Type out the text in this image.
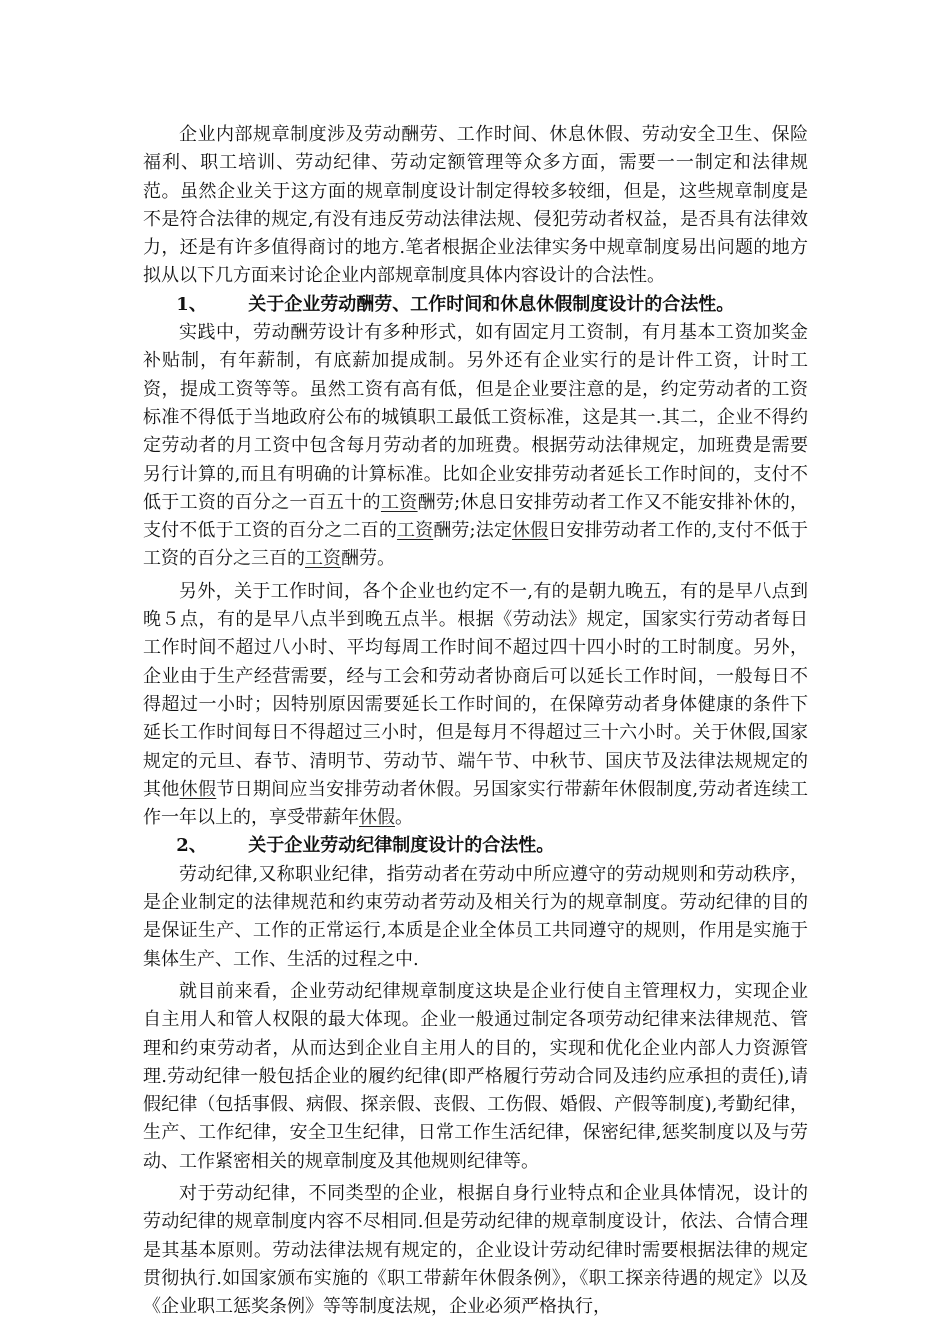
企业内部规章制度涉及劳动酬劳、工作时间、休息休假、劳动安全卫生、保险福利、职工培训、劳动纪律、劳动定额管理等众多方面，需要一一制定和法律规范。虽然企业关于这方面的规章制度设计制定得较多较细，但是，这些规章制度是不是符合法律的规定,有没有违反劳动法律法规、侵犯劳动者权益，是否具有法律效力，还是有许多值得商讨的地方.笔者根据企业法律实务中规章制度易出问题的地方拟从以下几方面来讨论企业内部规章制度具体内容设计的合法性。

1、 关于企业劳动酬劳、工作时间和休息休假制度设计的合法性。

实践中，劳动酬劳设计有多种形式，如有固定月工资制，有月基本工资加奖金补贴制，有年薪制，有底薪加提成制。另外还有企业实行的是计件工资，计时工资，提成工资等等。虽然工资有高有低，但是企业要注意的是，约定劳动者的工资标准不得低于当地政府公布的城镇职工最低工资标准，这是其一.其二，企业不得约定劳动者的月工资中包含每月劳动者的加班费。根据劳动法律规定，加班费是需要另行计算的,而且有明确的计算标准。比如企业安排劳动者延长工作时间的，支付不低于工资的百分之一百五十的工资酬劳;休息日安排劳动者工作又不能安排补休的，支付不低于工资的百分之二百的工资酬劳;法定休假日安排劳动者工作的,支付不低于工资的百分之三百的工资酬劳。

另外，关于工作时间，各个企业也约定不一,有的是朝九晚五，有的是早八点到晚５点，有的是早八点半到晚五点半。根据《劳动法》规定，国家实行劳动者每日工作时间不超过八小时、平均每周工作时间不超过四十四小时的工时制度。另外，企业由于生产经营需要，经与工会和劳动者协商后可以延长工作时间，一般每日不得超过一小时；因特别原因需要延长工作时间的，在保障劳动者身体健康的条件下延长工作时间每日不得超过三小时，但是每月不得超过三十六小时。关于休假,国家规定的元旦、春节、清明节、劳动节、端午节、中秋节、国庆节及法律法规规定的其他休假节日期间应当安排劳动者休假。另国家实行带薪年休假制度,劳动者连续工作一年以上的，享受带薪年休假。

2、 关于企业劳动纪律制度设计的合法性。

劳动纪律,又称职业纪律，指劳动者在劳动中所应遵守的劳动规则和劳动秩序，是企业制定的法律规范和约束劳动者劳动及相关行为的规章制度。劳动纪律的目的是保证生产、工作的正常运行,本质是企业全体员工共同遵守的规则，作用是实施于集体生产、工作、生活的过程之中.

就目前来看，企业劳动纪律规章制度这块是企业行使自主管理权力，实现企业自主用人和管人权限的最大体现。企业一般通过制定各项劳动纪律来法律规范、管理和约束劳动者，从而达到企业自主用人的目的，实现和优化企业内部人力资源管理.劳动纪律一般包括企业的履约纪律(即严格履行劳动合同及违约应承担的责任),请假纪律（包括事假、病假、探亲假、丧假、工伤假、婚假、产假等制度),考勤纪律，生产、工作纪律，安全卫生纪律，日常工作生活纪律，保密纪律,惩奖制度以及与劳动、工作紧密相关的规章制度及其他规则纪律等。

对于劳动纪律，不同类型的企业，根据自身行业特点和企业具体情况，设计的劳动纪律的规章制度内容不尽相同.但是劳动纪律的规章制度设计，依法、合情合理是其基本原则。劳动法律法规有规定的，企业设计劳动纪律时需要根据法律的规定贯彻执行.如国家颁布实施的《职工带薪年休假条例》，《职工探亲待遇的规定》以及《企业职工惩奖条例》等等制度法规，企业必须严格执行，
